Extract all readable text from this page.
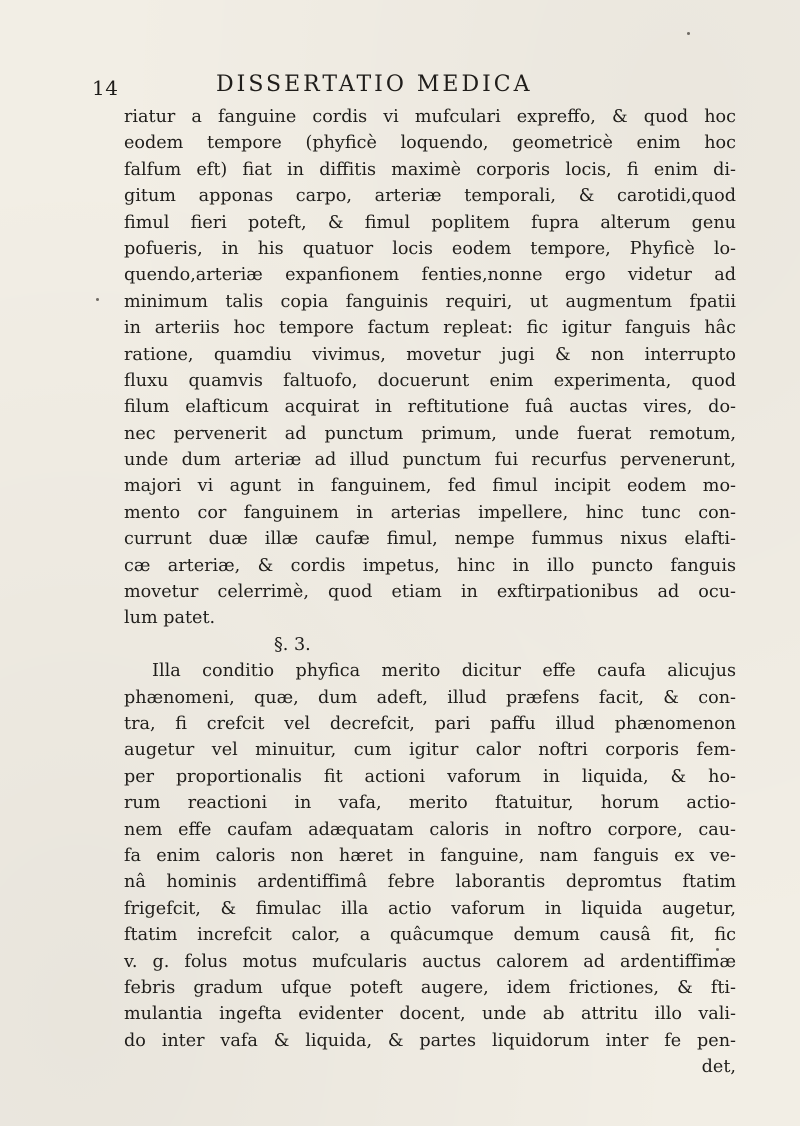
14	DISSERTATIO MEDICA
riatur a fanguine cordis vi mufculari expreffo, & quod hoc
eodem tempore (phyficè loquendo, geometricè enim hoc
falfum eft) fiat in diffitis maximè corporis locis, fi enim di-
gitum apponas carpo, arteriæ temporali, & carotidi,quod
fimul fieri poteft, & fimul poplitem fupra alterum genu
pofueris, in his quatuor locis eodem tempore, Phyficè lo-
quendo,arteriæ expanfionem fenties,nonne ergo videtur ad
minimum talis copia fanguinis requiri, ut augmentum fpatii
in arteriis hoc tempore factum repleat: fic igitur fanguis hâc
ratione, quamdiu vivimus, movetur jugi & non interrupto
fluxu quamvis faltuofo, docuerunt enim experimenta, quod
filum elafticum acquirat in reftitutione fuâ auctas vires, do-
nec pervenerit ad punctum primum, unde fuerat remotum,
unde dum arteriæ ad illud punctum fui recurfus pervenerunt,
majori vi agunt in fanguinem, fed fimul incipit eodem mo-
mento cor fanguinem in arterias impellere, hinc tunc con-
currunt duæ illæ caufæ fimul, nempe fummus nixus elafti-
cæ arteriæ, & cordis impetus, hinc in illo puncto fanguis
movetur celerrimè, quod etiam in exftirpationibus ad ocu-
lum patet.
§. 3.
Illa conditio phyfica merito dicitur effe caufa alicujus
phænomeni, quæ, dum adeft, illud præfens facit, & con-
tra, fi crefcit vel decrefcit, pari paffu illud phænomenon
augetur vel minuitur, cum igitur calor noftri corporis fem-
per proportionalis fit actioni vaforum in liquida, & ho-
rum reactioni in vafa, merito ftatuitur, horum actio-
nem effe caufam adæquatam caloris in noftro corpore, cau-
fa enim caloris non hæret in fanguine, nam fanguis ex ve-
nâ hominis ardentiffimâ febre laborantis depromtus ftatim
frigefcit, & fimulac illa actio vaforum in liquida augetur,
ftatim increfcit calor, a quâcumque demum causâ fit, fic
v. g. folus motus mufcularis auctus calorem ad ardentiffimæ
febris gradum ufque poteft augere, idem frictiones, & fti-
mulantia ingefta evidenter docent, unde ab attritu illo vali-
do inter vafa & liquida, & partes liquidorum inter fe pen-
det,
